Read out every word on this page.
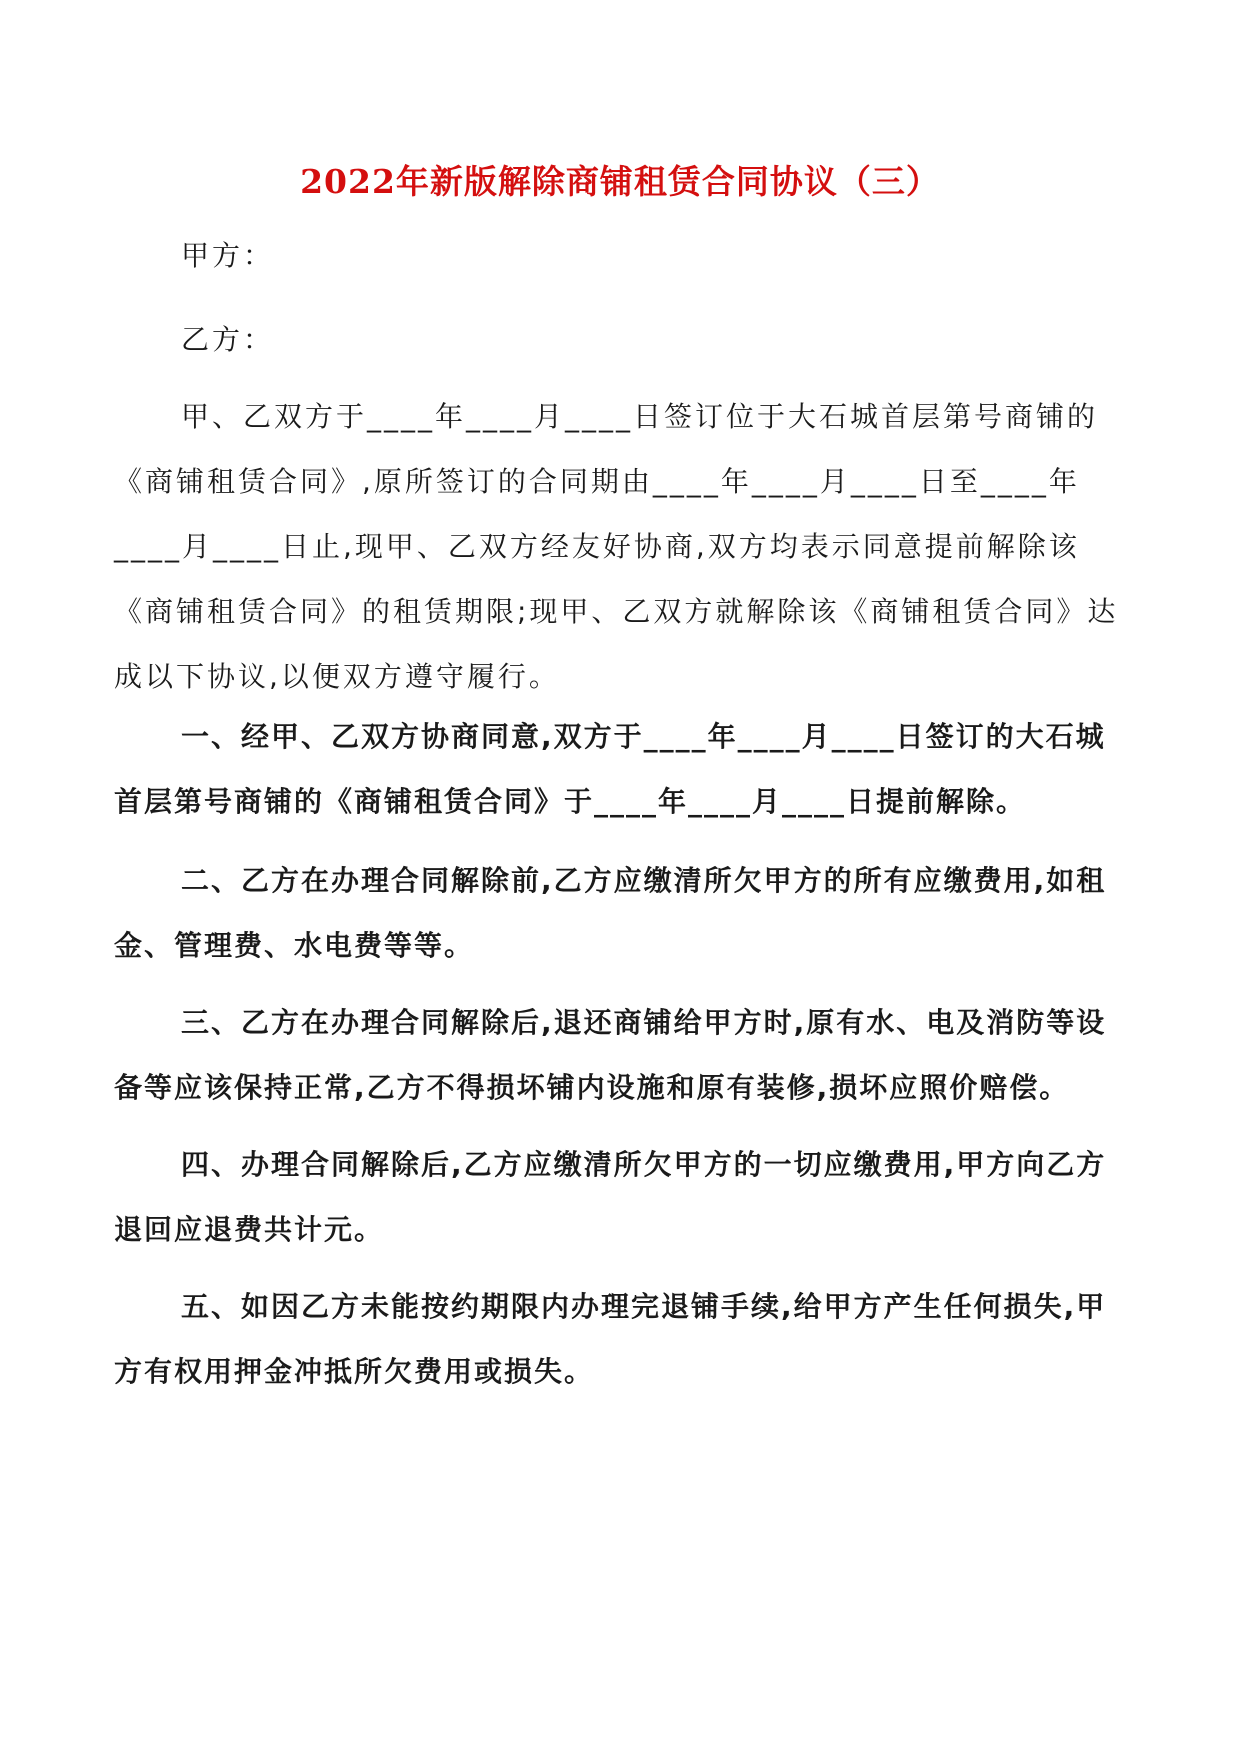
2022年新版解除商铺租赁合同协议（三）
甲方：
乙方：
甲、乙双方于____年____月____日签订位于大石城首层第号商铺的《商铺租赁合同》,原所签订的合同期由____年____月____日至____年____月____日止,现甲、乙双方经友好协商,双方均表示同意提前解除该《商铺租赁合同》的租赁期限;现甲、乙双方就解除该《商铺租赁合同》达成以下协议,以便双方遵守履行。
一、经甲、乙双方协商同意,双方于____年____月____日签订的大石城首层第号商铺的《商铺租赁合同》于____年____月____日提前解除。
二、乙方在办理合同解除前,乙方应缴清所欠甲方的所有应缴费用,如租金、管理费、水电费等等。
三、乙方在办理合同解除后,退还商铺给甲方时,原有水、电及消防等设备等应该保持正常,乙方不得损坏铺内设施和原有装修,损坏应照价赔偿。
四、办理合同解除后,乙方应缴清所欠甲方的一切应缴费用,甲方向乙方退回应退费共计元。
五、如因乙方未能按约期限内办理完退铺手续,给甲方产生任何损失,甲方有权用押金冲抵所欠费用或损失。
